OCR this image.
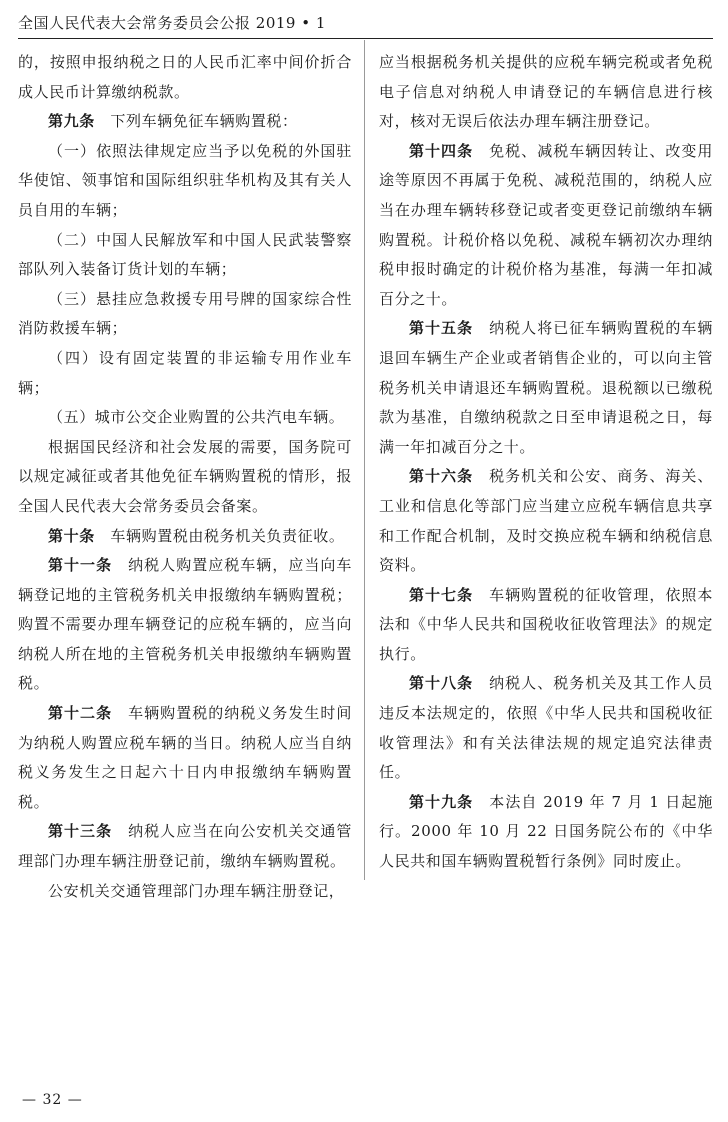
全国人民代表大会常务委员会公报 2019 • 1

的，按照申报纳税之日的人民币汇率中间价折合成人民币计算缴纳税款。

第九条　 下列车辆免征车辆购置税：

（一）依照法律规定应当予以免税的外国驻华使馆、领事馆和国际组织驻华机构及其有关人员自用的车辆；

（二）中国人民解放军和中国人民武装警察部队列入装备订货计划的车辆；

（三）悬挂应急救援专用号牌的国家综合性消防救援车辆；

（四）设有固定装置的非运输专用作业车辆；

（五）城市公交企业购置的公共汽电车辆。

根据国民经济和社会发展的需要，国务院可以规定减征或者其他免征车辆购置税的情形，报全国人民代表大会常务委员会备案。

第十条　 车辆购置税由税务机关负责征收。

第十一条　 纳税人购置应税车辆，应当向车辆登记地的主管税务机关申报缴纳车辆购置税；购置不需要办理车辆登记的应税车辆的，应当向纳税人所在地的主管税务机关申报缴纳车辆购置税。

第十二条　 车辆购置税的纳税义务发生时间为纳税人购置应税车辆的当日。纳税人应当自纳税义务发生之日起六十日内申报缴纳车辆购置税。

第十三条　 纳税人应当在向公安机关交通管理部门办理车辆注册登记前，缴纳车辆购置税。

公安机关交通管理部门办理车辆注册登记，

应当根据税务机关提供的应税车辆完税或者免税电子信息对纳税人申请登记的车辆信息进行核对，核对无误后依法办理车辆注册登记。

第十四条　 免税、减税车辆因转让、改变用途等原因不再属于免税、减税范围的，纳税人应当在办理车辆转移登记或者变更登记前缴纳车辆购置税。计税价格以免税、减税车辆初次办理纳税申报时确定的计税价格为基准，每满一年扣减百分之十。

第十五条　 纳税人将已征车辆购置税的车辆退回车辆生产企业或者销售企业的，可以向主管税务机关申请退还车辆购置税。退税额以已缴税款为基准，自缴纳税款之日至申请退税之日，每满一年扣减百分之十。

第十六条　 税务机关和公安、商务、海关、工业和信息化等部门应当建立应税车辆信息共享和工作配合机制，及时交换应税车辆和纳税信息资料。

第十七条　 车辆购置税的征收管理，依照本法和《中华人民共和国税收征收管理法》的规定执行。

第十八条　 纳税人、税务机关及其工作人员违反本法规定的，依照《中华人民共和国税收征收管理法》和有关法律法规的规定追究法律责任。

第十九条　 本法自 2019 年 7 月 1 日起施行。2000 年 10 月 22 日国务院公布的《中华人民共和国车辆购置税暂行条例》同时废止。

— 32 —
